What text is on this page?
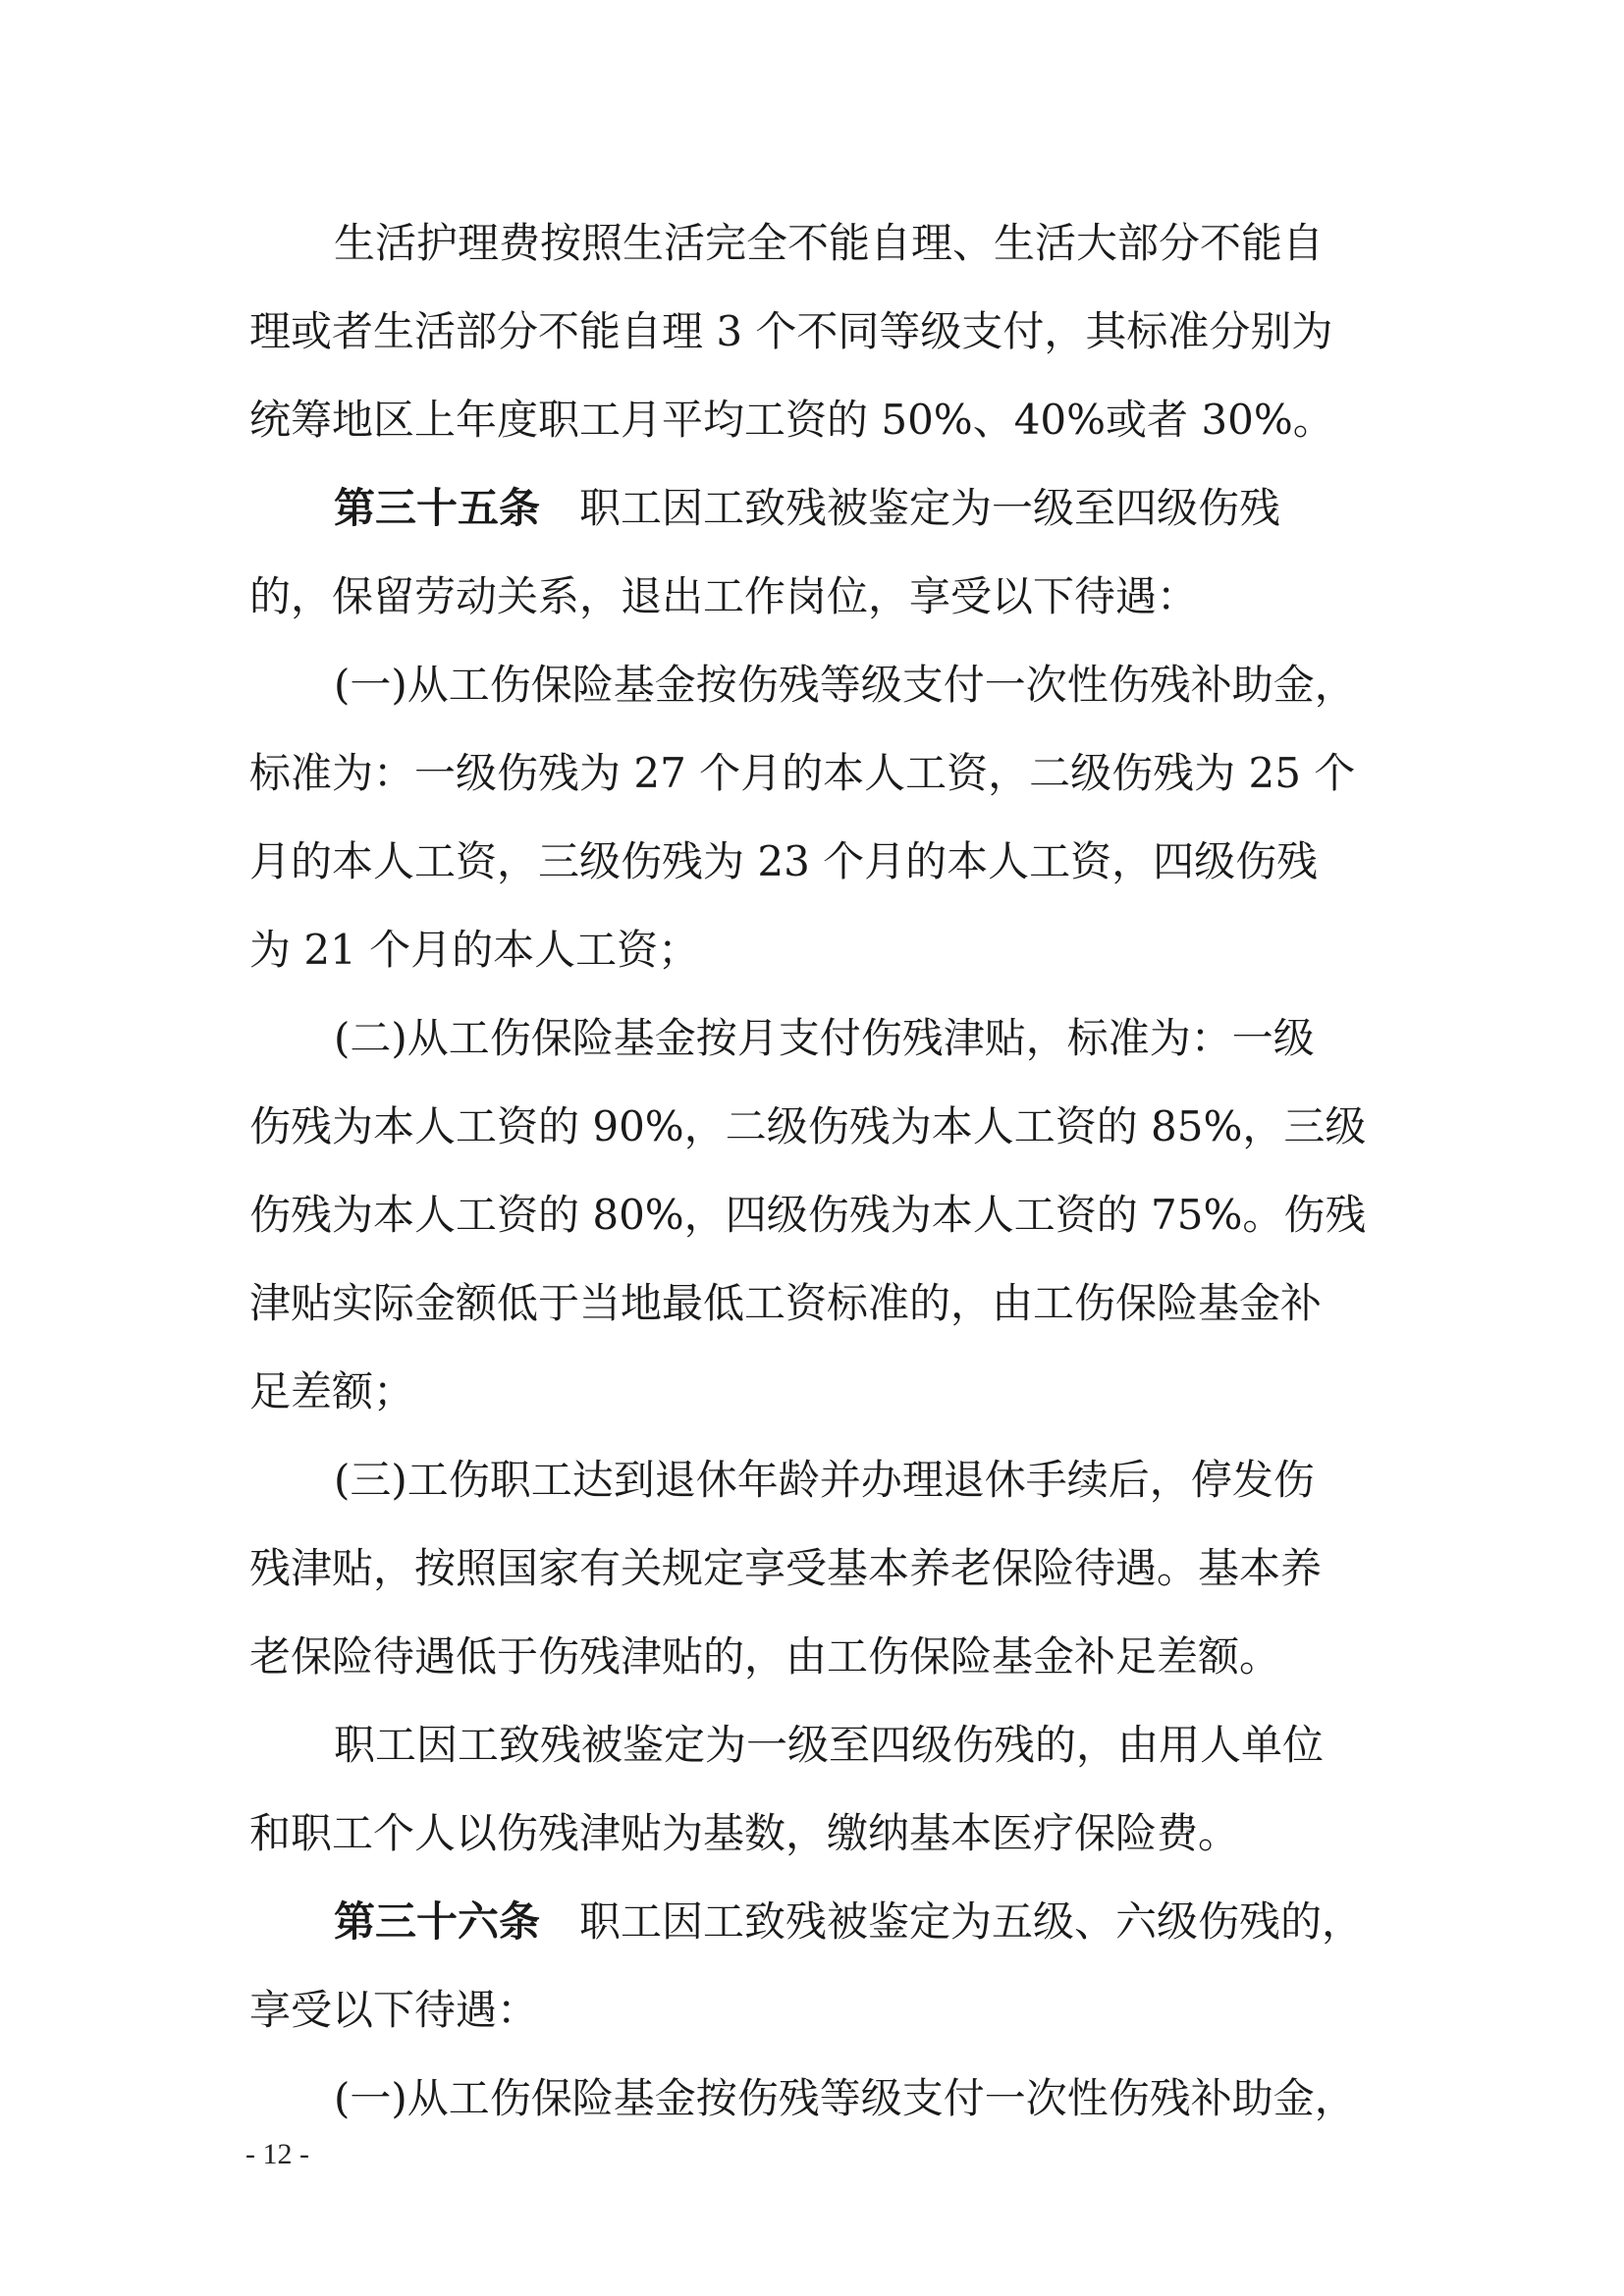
生活护理费按照生活完全不能自理、生活大部分不能自
理或者生活部分不能自理 3 个不同等级支付，其标准分别为
统筹地区上年度职工月平均工资的 50%、40%或者 30%。
第三十五条 职工因工致残被鉴定为一级至四级伤残
的，保留劳动关系，退出工作岗位，享受以下待遇：
(一)从工伤保险基金按伤残等级支付一次性伤残补助金，
标准为：一级伤残为 27 个月的本人工资，二级伤残为 25 个
月的本人工资，三级伤残为 23 个月的本人工资，四级伤残
为 21 个月的本人工资；
(二)从工伤保险基金按月支付伤残津贴，标准为：一级
伤残为本人工资的 90%，二级伤残为本人工资的 85%，三级
伤残为本人工资的 80%，四级伤残为本人工资的 75%。伤残
津贴实际金额低于当地最低工资标准的，由工伤保险基金补
足差额；
(三)工伤职工达到退休年龄并办理退休手续后，停发伤
残津贴，按照国家有关规定享受基本养老保险待遇。基本养
老保险待遇低于伤残津贴的，由工伤保险基金补足差额。
职工因工致残被鉴定为一级至四级伤残的，由用人单位
和职工个人以伤残津贴为基数，缴纳基本医疗保险费。
第三十六条 职工因工致残被鉴定为五级、六级伤残的，
享受以下待遇：
(一)从工伤保险基金按伤残等级支付一次性伤残补助金，
- 12 -
